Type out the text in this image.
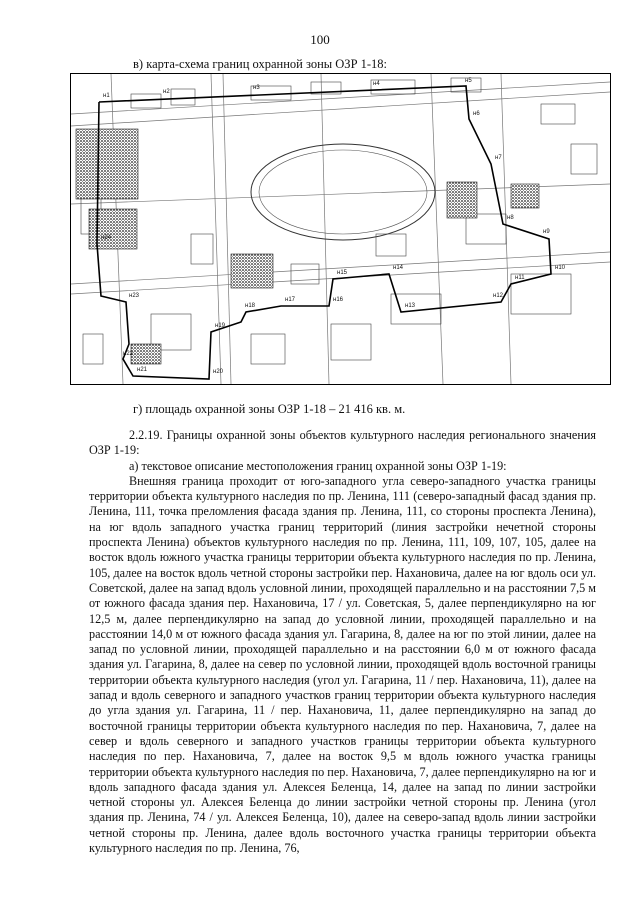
100
в) карта-схема границ охранной зоны ОЗР 1-18:
н1
н2
н3
н4	н5
н6
н7
н8
н9
н10
н11
н12
н13
н14
н15
н16
н17
н18
н19
н20
н21
н22
н23
н24
г) площадь охранной зоны ОЗР 1-18 – 21 416 кв. м.

2.2.19. Границы охранной зоны объектов культурного наследия регионального значения ОЗР 1-19:

а) текстовое описание местоположения границ охранной зоны ОЗР 1-19:

Внешняя граница проходит от юго-западного угла северо-западного участка границы территории объекта культурного наследия по пр. Ленина, 111 (северо-западный фасад здания пр. Ленина, 111, точка преломления фасада здания пр. Ленина, 111, со стороны проспекта Ленина), на юг вдоль западного участка границ территорий (линия застройки нечетной стороны проспекта Ленина) объектов культурного наследия по пр. Ленина, 111, 109, 107, 105, далее на восток вдоль южного участка границы территории объекта культурного наследия по пр. Ленина, 105, далее на восток вдоль четной стороны застройки пер. Нахановича, далее на юг вдоль оси ул. Советской, далее на запад вдоль условной линии, проходящей параллельно и на расстоянии 7,5 м от южного фасада здания пер. Нахановича, 17 / ул. Советская, 5, далее перпендикулярно на юг 12,5 м, далее перпендикулярно на запад до условной линии, проходящей параллельно и на расстоянии 14,0 м от южного фасада здания ул. Гагарина, 8, далее на юг по этой линии, далее на запад по условной линии, проходящей параллельно и на расстоянии 6,0 м от южного фасада здания ул. Гагарина, 8, далее на север по условной линии, проходящей вдоль восточной границы территории объекта культурного наследия (угол ул. Гагарина, 11 / пер. Нахановича, 11), далее на запад и вдоль северного и западного участков границ территории объекта культурного наследия до угла здания ул. Гагарина, 11 / пер. Нахановича, 11, далее перпендикулярно на запад до восточной границы территории объекта культурного наследия по пер. Нахановича, 7, далее на север и вдоль северного и западного участков границы территории объекта культурного наследия по пер. Нахановича, 7, далее на восток 9,5 м вдоль южного участка границы территории объекта культурного наследия по пер. Нахановича, 7, далее перпендикулярно на юг и вдоль западного фасада здания ул. Алексея Беленца, 14, далее на запад по линии застройки четной стороны ул. Алексея Беленца до линии застройки четной стороны пр. Ленина (угол здания пр. Ленина, 74 / ул. Алексея Беленца, 10), далее на северо-запад вдоль линии застройки четной стороны пр. Ленина, далее вдоль восточного участка границы территории объекта культурного наследия по пр. Ленина, 76,
